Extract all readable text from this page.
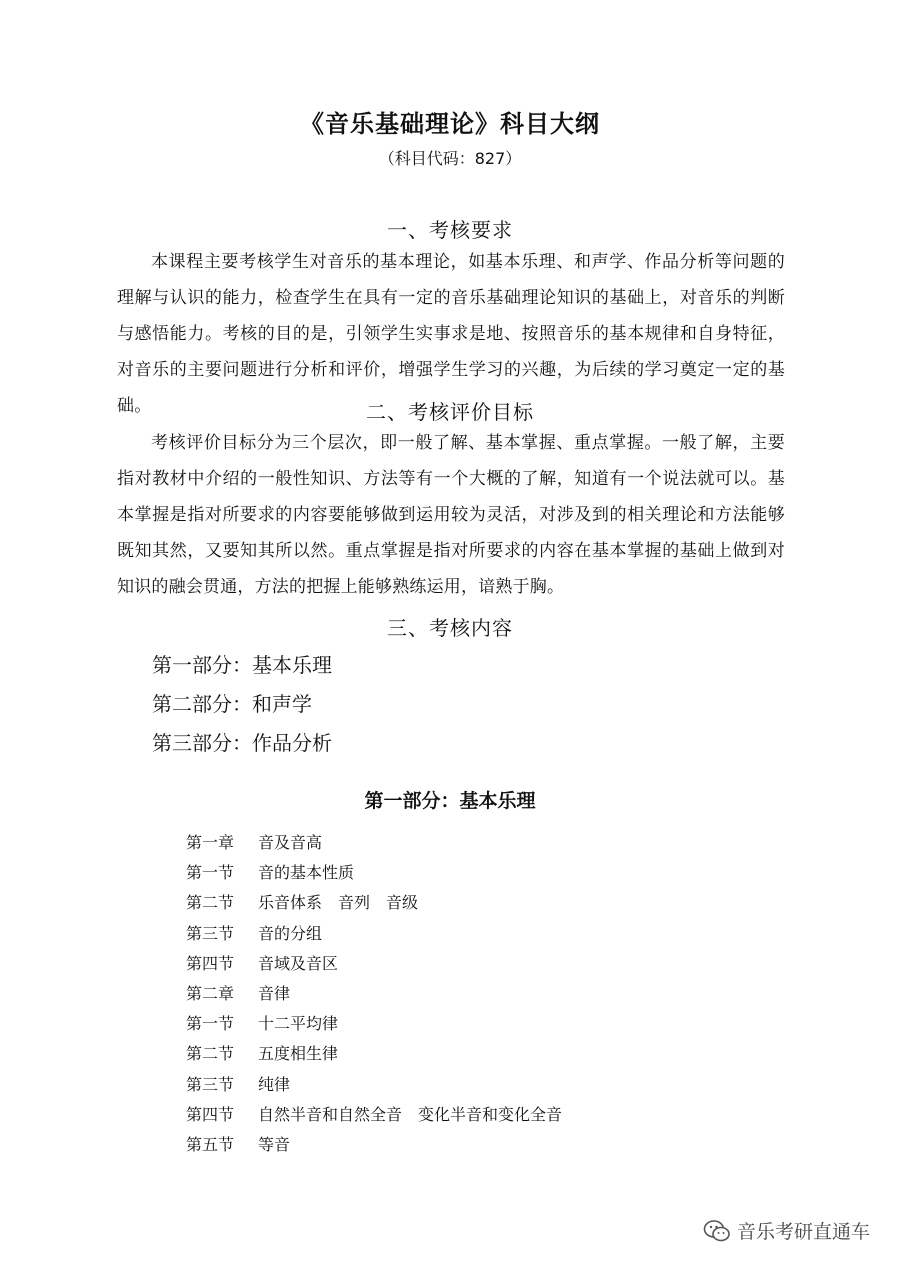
《音乐基础理论》科目大纲
（科目代码：827）
一、考核要求
本课程主要考核学生对音乐的基本理论，如基本乐理、和声学、作品分析等问题的理解与认识的能力，检查学生在具有一定的音乐基础理论知识的基础上，对音乐的判断与感悟能力。考核的目的是，引领学生实事求是地、按照音乐的基本规律和自身特征，对音乐的主要问题进行分析和评价，增强学生学习的兴趣，为后续的学习奠定一定的基础。	二、考核评价目标
考核评价目标分为三个层次，即一般了解、基本掌握、重点掌握。一般了解，主要指对教材中介绍的一般性知识、方法等有一个大概的了解，知道有一个说法就可以。基本掌握是指对所要求的内容要能够做到运用较为灵活，对涉及到的相关理论和方法能够既知其然，又要知其所以然。重点掌握是指对所要求的内容在基本掌握的基础上做到对知识的融会贯通，方法的把握上能够熟练运用，谙熟于胸。
三、考核内容
第一部分：基本乐理
第二部分：和声学
第三部分：作品分析
第一部分：基本乐理
第一章 音及音高
第一节 音的基本性质
第二节 乐音体系　音列　音级
第三节 音的分组
第四节 音域及音区
第二章 音律
第一节 十二平均律
第二节 五度相生律
第三节 纯律
第四节 自然半音和自然全音　变化半音和变化全音
第五节 等音
音乐考研直通车
